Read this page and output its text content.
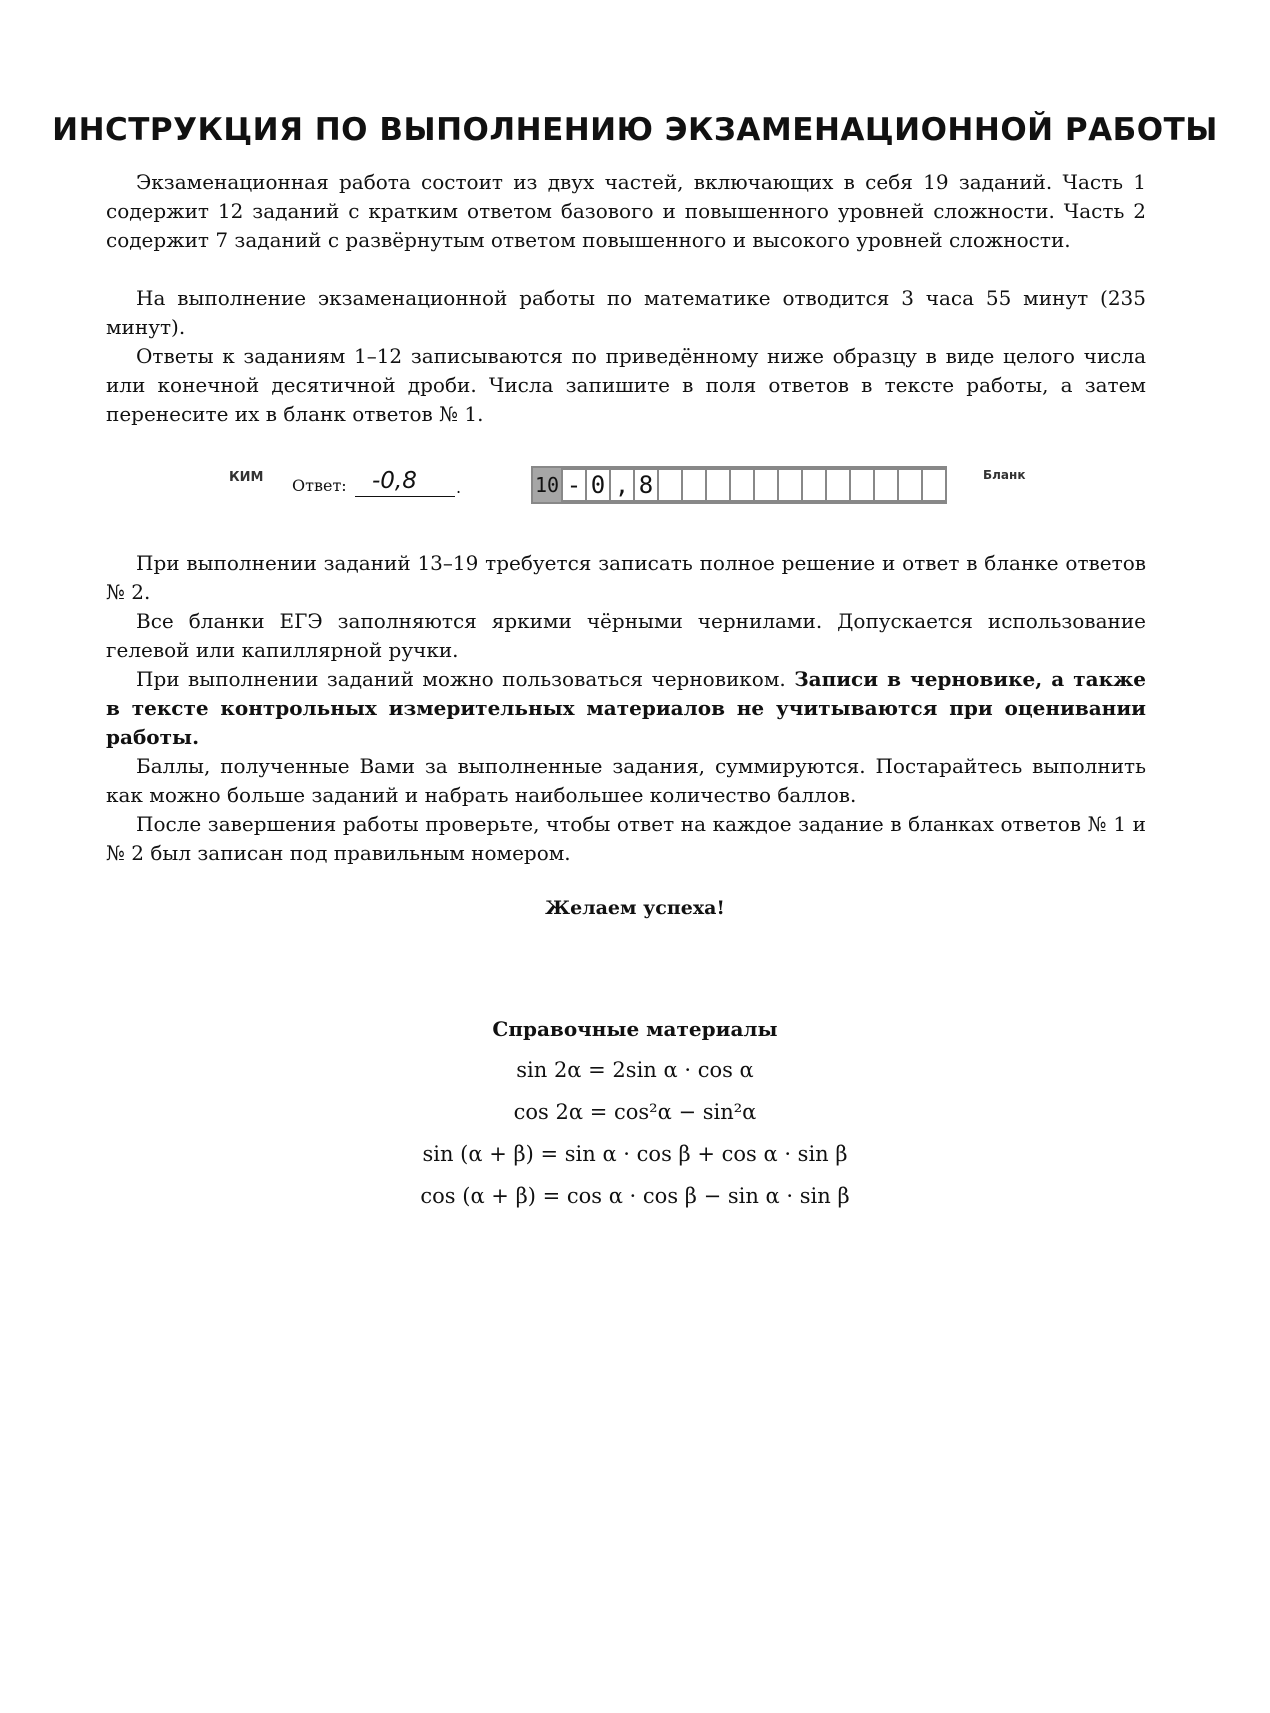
ИНСТРУКЦИЯ ПО ВЫПОЛНЕНИЮ ЭКЗАМЕНАЦИОННОЙ РАБОТЫ

Экзаменационная работа состоит из двух частей, включающих в себя 19 заданий. Часть 1 содержит 12 заданий с кратким ответом базового и повышенного уровней сложности. Часть 2 содержит 7 заданий с развёрнутым ответом повышенного и высокого уровней сложности.

На выполнение экзаменационной работы по математике отводится 3 часа 55 минут (235 минут).

Ответы к заданиям 1–12 записываются по приведённому ниже образцу в виде целого числа или конечной десятичной дроби. Числа запишите в поля ответов в тексте работы, а затем перенесите их в бланк ответов № 1.

КИМ Ответ: -0,8 .	10 - 0 , 8	Бланк

При выполнении заданий 13–19 требуется записать полное решение и ответ в бланке ответов № 2.

Все бланки ЕГЭ заполняются яркими чёрными чернилами. Допускается использование гелевой или капиллярной ручки.

При выполнении заданий можно пользоваться черновиком. Записи в черновике, а также в тексте контрольных измерительных материалов не учитываются при оценивании работы.

Баллы, полученные Вами за выполненные задания, суммируются. Постарайтесь выполнить как можно больше заданий и набрать наибольшее количество баллов.

После завершения работы проверьте, чтобы ответ на каждое задание в бланках ответов № 1 и № 2 был записан под правильным номером.

Желаем успеха!
Справочные материалы
sin 2α = 2sin α · cos α
cos 2α = cos²α − sin²α
sin (α + β) = sin α · cos β + cos α · sin β
cos (α + β) = cos α · cos β − sin α · sin β
